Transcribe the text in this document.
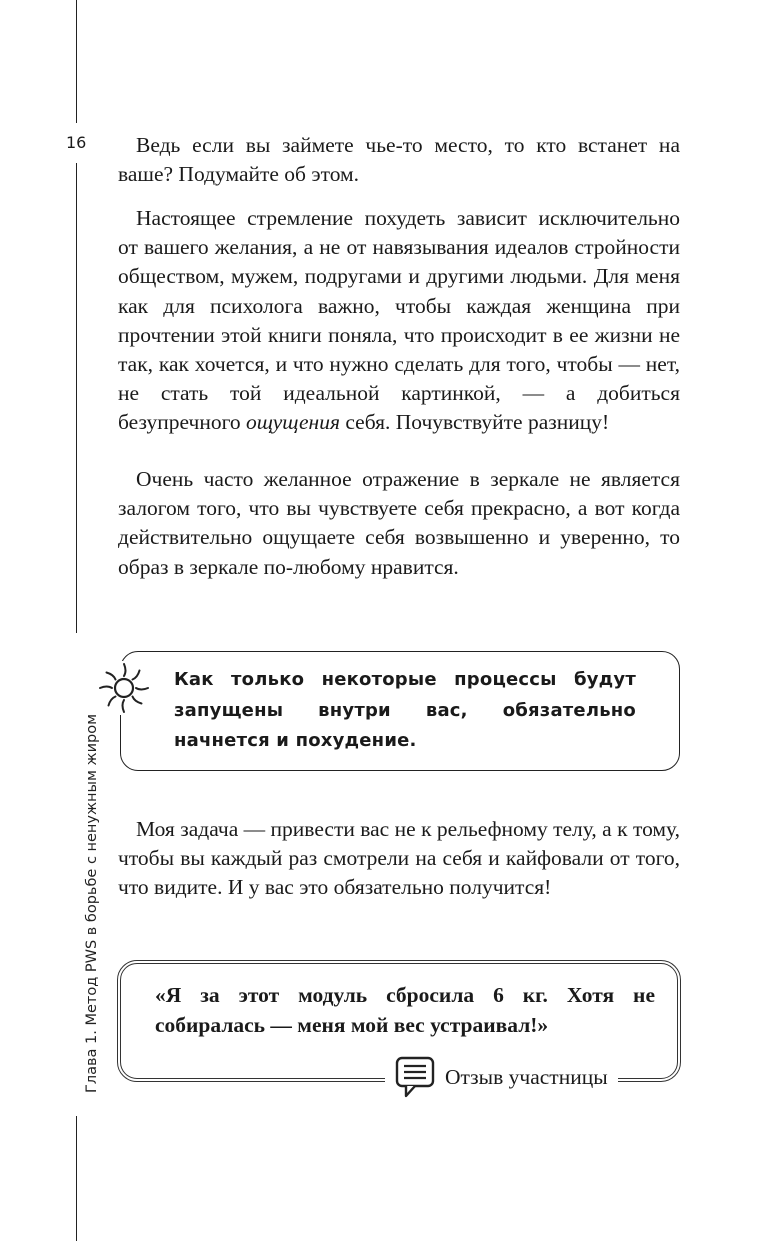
16
Глава 1. Метод PWS в борьбе с ненужным жиром

Ведь если вы займете чье-то место, то кто встанет на ваше? Подумайте об этом.

Настоящее стремление похудеть зависит исключительно от вашего желания, а не от навязывания идеалов стройности обществом, мужем, подругами и другими людьми. Для меня как для психолога важно, чтобы каждая женщина при прочтении этой книги поняла, что происходит в ее жизни не так, как хочется, и что нужно сделать для того, чтобы — нет, не стать той идеальной картинкой, — а добиться безупречного ощущения себя. Почувствуйте разницу!

Очень часто желанное отражение в зеркале не является залогом того, что вы чувствуете себя прекрасно, а вот когда действительно ощущаете себя возвышенно и уверенно, то образ в зеркале по-любому нравится.

Как только некоторые процессы будут запущены внутри вас, обязательно начнется и похудение.

Моя задача — привести вас не к рельефному телу, а к тому, чтобы вы каждый раз смотрели на себя и кайфовали от того, что видите. И у вас это обязательно получится!

«Я за этот модуль сбросила 6 кг. Хотя не собиралась — меня мой вес устраивал!»

Отзыв участницы
